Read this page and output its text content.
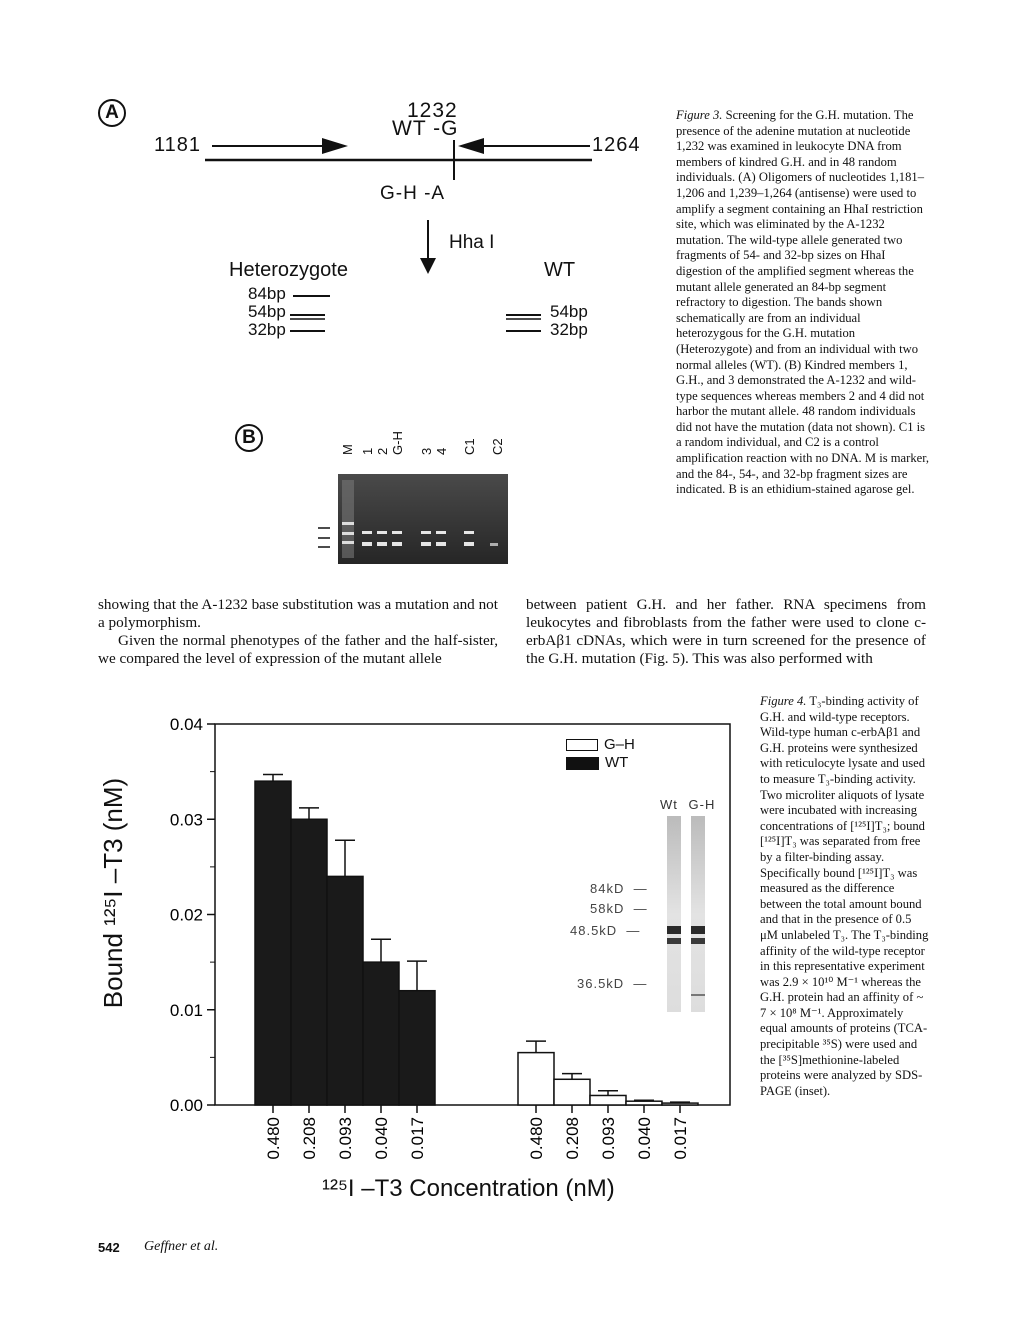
A
1181	1264
1232
WT -G
G-H -A
Hha I
Heterozygote
84bp
54bp
32bp
WT
54bp
32bp
B
M 1 2 G-H 3 4 C1 C2
Figure 3. Screening for the G.H. mutation. The presence of the adenine mutation at nucleotide 1,232 was examined in leukocyte DNA from members of kindred G.H. and in 48 random individuals. (A) Oligomers of nucleotides 1,181–1,206 and 1,239–1,264 (antisense) were used to amplify a segment containing an HhaI restriction site, which was eliminated by the A-1232 mutation. The wild-type allele generated two fragments of 54- and 32-bp sizes on HhaI digestion of the amplified segment whereas the mutant allele generated an 84-bp segment refractory to digestion. The bands shown schematically are from an individual heterozygous for the G.H. mutation (Heterozygote) and from an individual with two normal alleles (WT). (B) Kindred members 1, G.H., and 3 demonstrated the A-1232 and wild-type sequences whereas members 2 and 4 did not harbor the mutant allele. 48 random individuals did not have the mutation (data not shown). C1 is a random individual, and C2 is a control amplification reaction with no DNA. M is marker, and the 84-, 54-, and 32-bp fragment sizes are indicated. B is an ethidium-stained agarose gel.
showing that the A-1232 base substitution was a mutation and not a polymorphism.
Given the normal phenotypes of the father and the half-sister, we compared the level of expression of the mutant allele
between patient G.H. and her father. RNA specimens from leukocytes and fibroblasts from the father were used to clone c-erbAβ1 cDNAs, which were in turn screened for the presence of the G.H. mutation (Fig. 5). This was also performed with
0.00
0.01
0.02
0.03
0.04
0.480 0.208 0.093 0.040 0.017	0.480 0.208 0.093 0.040 0.017
Bound ¹²⁵I –T3 (nM)
¹²⁵I –T3 Concentration (nM)
G–H
WT
Wt G-H
84kD  —
58kD  —
48.5kD  —
36.5kD  —
Figure 4. T₃-binding activity of G.H. and wild-type receptors. Wild-type human c-erbAβ1 and G.H. proteins were synthesized with reticulocyte lysate and used to measure T₃-binding activity. Two microliter aliquots of lysate were incubated with increasing concentrations of [¹²⁵I]T₃; bound [¹²⁵I]T₃ was separated from free by a filter-binding assay. Specifically bound [¹²⁵I]T₃ was measured as the difference between the total amount bound and that in the presence of 0.5 μM unlabeled T₃. The T₃-binding affinity of the wild-type receptor in this representative experiment was 2.9 × 10¹⁰ M⁻¹ whereas the G.H. protein had an affinity of ~ 7 × 10⁸ M⁻¹. Approximately equal amounts of proteins (TCA-precipitable ³⁵S) were used and the [³⁵S]methionine-labeled proteins were analyzed by SDS-PAGE (inset).
542 Geffner et al.
